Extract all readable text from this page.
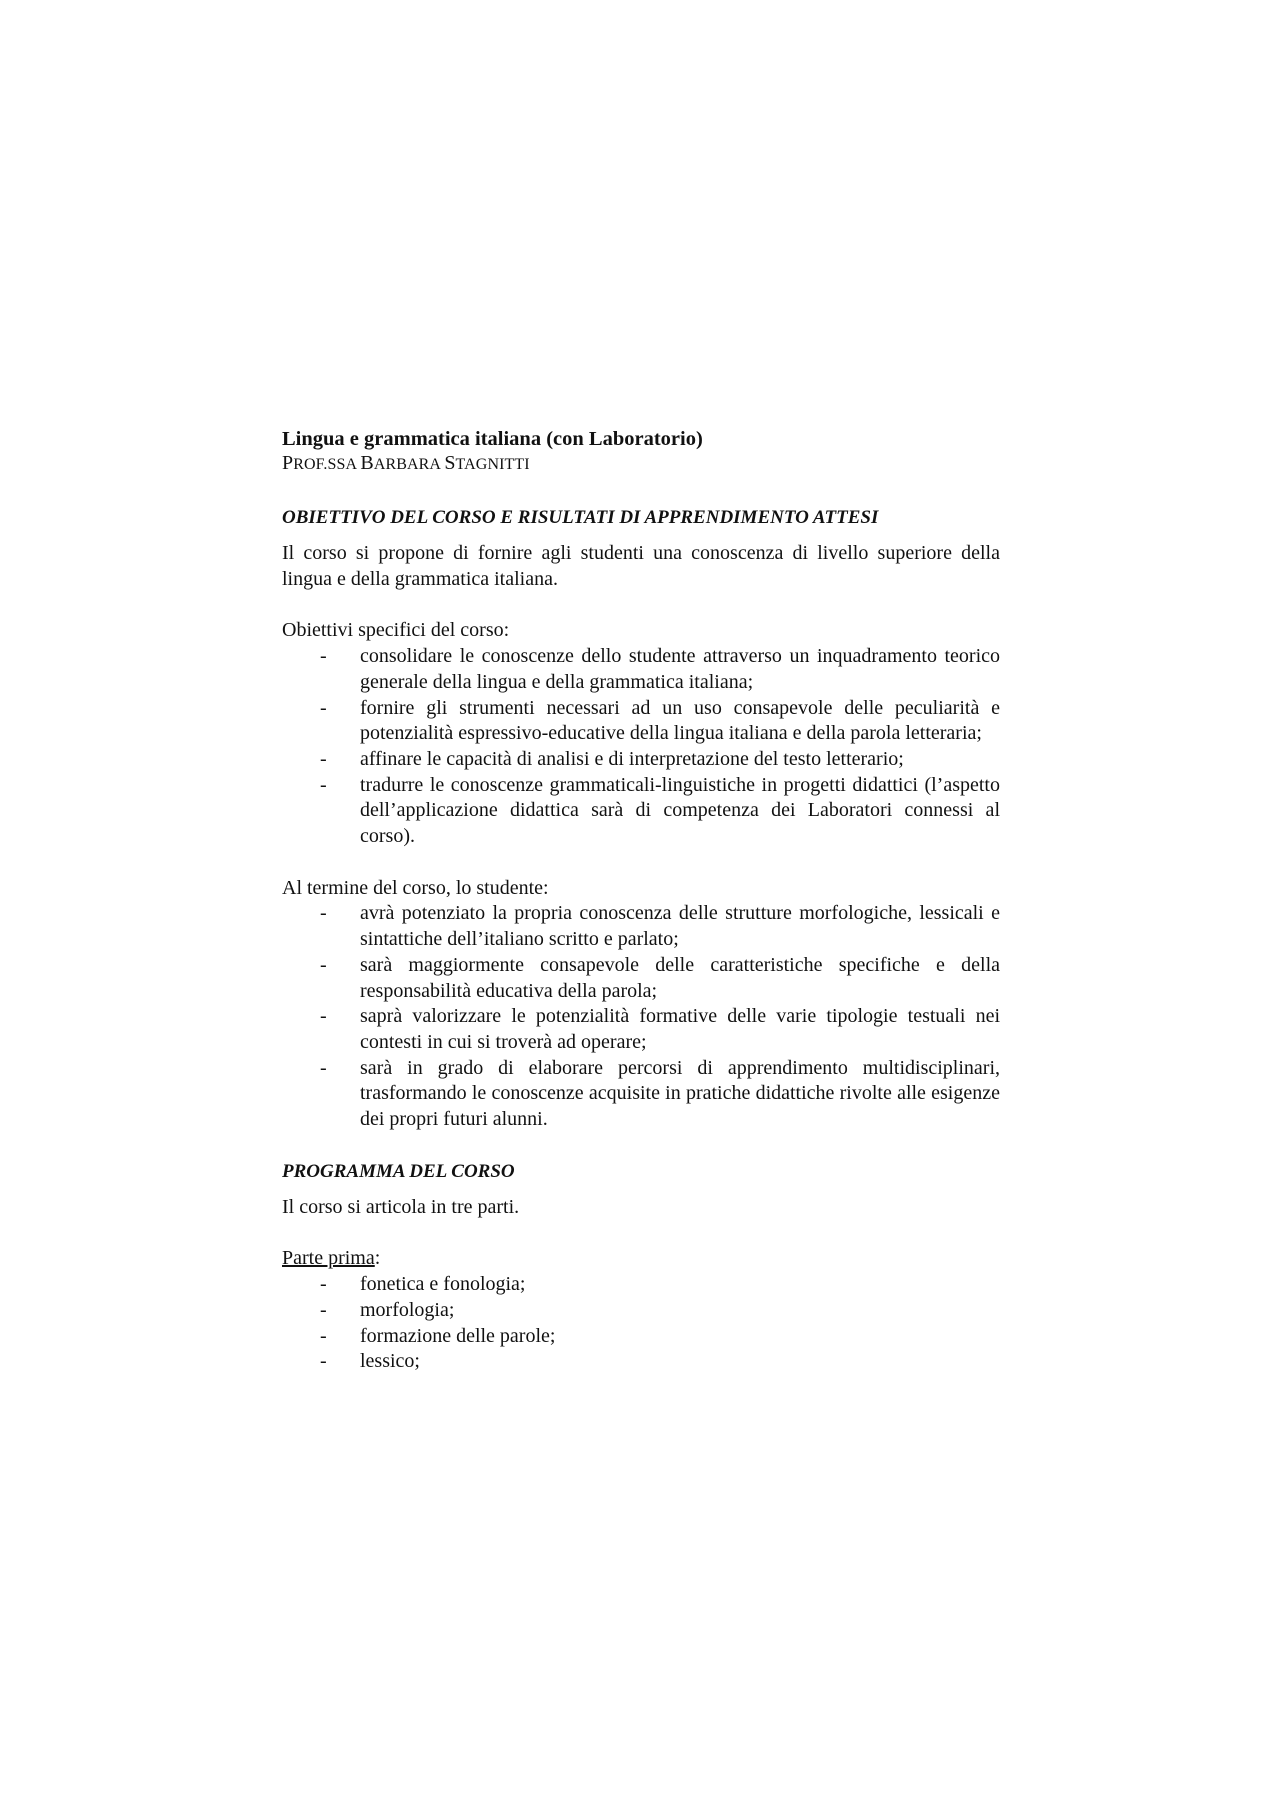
Lingua e grammatica italiana (con Laboratorio)

PROF.SSA BARBARA STAGNITTI

OBIETTIVO DEL CORSO E RISULTATI DI APPRENDIMENTO ATTESI

Il corso si propone di fornire agli studenti una conoscenza di livello superiore della lingua e della grammatica italiana.

Obiettivi specifici del corso:

- consolidare le conoscenze dello studente attraverso un inquadramento teorico generale della lingua e della grammatica italiana;
- fornire gli strumenti necessari ad un uso consapevole delle peculiarità e potenzialità espressivo-educative della lingua italiana e della parola letteraria;
- affinare le capacità di analisi e di interpretazione del testo letterario;
- tradurre le conoscenze grammaticali-linguistiche in progetti didattici (l’aspetto dell’applicazione didattica sarà di competenza dei Laboratori connessi al corso).

Al termine del corso, lo studente:

- avrà potenziato la propria conoscenza delle strutture morfologiche, lessicali e sintattiche dell’italiano scritto e parlato;
- sarà maggiormente consapevole delle caratteristiche specifiche e della responsabilità educativa della parola;
- saprà valorizzare le potenzialità formative delle varie tipologie testuali nei contesti in cui si troverà ad operare;
- sarà in grado di elaborare percorsi di apprendimento multidisciplinari, trasformando le conoscenze acquisite in pratiche didattiche rivolte alle esigenze dei propri futuri alunni.

PROGRAMMA DEL CORSO

Il corso si articola in tre parti.

Parte prima:

- fonetica e fonologia;
- morfologia;
- formazione delle parole;
- lessico;
